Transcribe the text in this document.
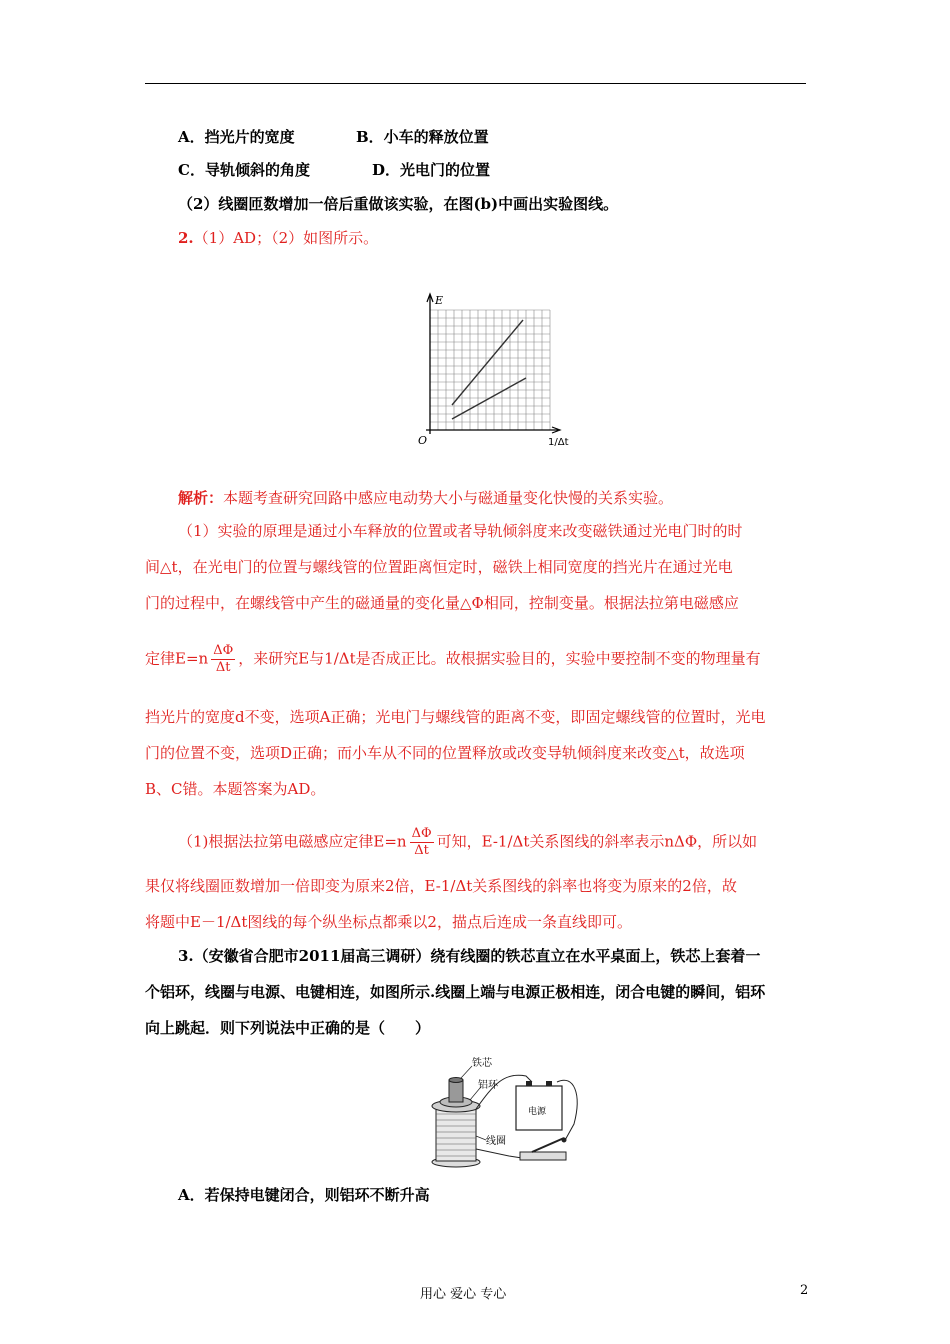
A．挡光片的宽度	B．小车的释放位置
C．导轨倾斜的角度	D．光电门的位置
（2）线圈匝数增加一倍后重做该实验，在图(b)中画出实验图线。
2.（1）AD；（2）如图所示。
E
O	1/Δt
解析：本题考查研究回路中感应电动势大小与磁通量变化快慢的关系实验。
（1）实验的原理是通过小车释放的位置或者导轨倾斜度来改变磁铁通过光电门时的时
间△t，在光电门的位置与螺线管的位置距离恒定时，磁铁上相同宽度的挡光片在通过光电
门的过程中，在螺线管中产生的磁通量的变化量△Φ相同，控制变量。根据法拉第电磁感应
定律$E=n \frac{\Delta\Phi}{\Delta t}$ ，来研究E与1/Δt是否成正比。故根据实验目的，实验中要控制不变的物理量有
挡光片的宽度d不变，选项A正确；光电门与螺线管的距离不变，即固定螺线管的位置时，光电
门的位置不变，选项D正确；而小车从不同的位置释放或改变导轨倾斜度来改变△t，故选项
B、C错。本题答案为AD。
（1)根据法拉第电磁感应定律$E=n \frac{\Delta\Phi}{\Delta t}$ 可知，E-1/Δt关系图线的斜率表示nΔΦ，所以如
果仅将线圈匝数增加一倍即变为原来2倍，E-1/Δt关系图线的斜率也将变为原来的2倍，故
将题中E－1/Δt图线的每个纵坐标点都乘以2，描点后连成一条直线即可。
3.（安徽省合肥市2011届高三调研）绕有线圈的铁芯直立在水平桌面上，铁芯上套着一
个铝环，线圈与电源、电键相连，如图所示.线圈上端与电源正极相连，闭合电键的瞬间，铝环
向上跳起．则下列说法中正确的是（　　）
电源
铁芯
铝环
线圈
A．若保持电键闭合，则铝环不断升高
用心 爱心 专心	2
